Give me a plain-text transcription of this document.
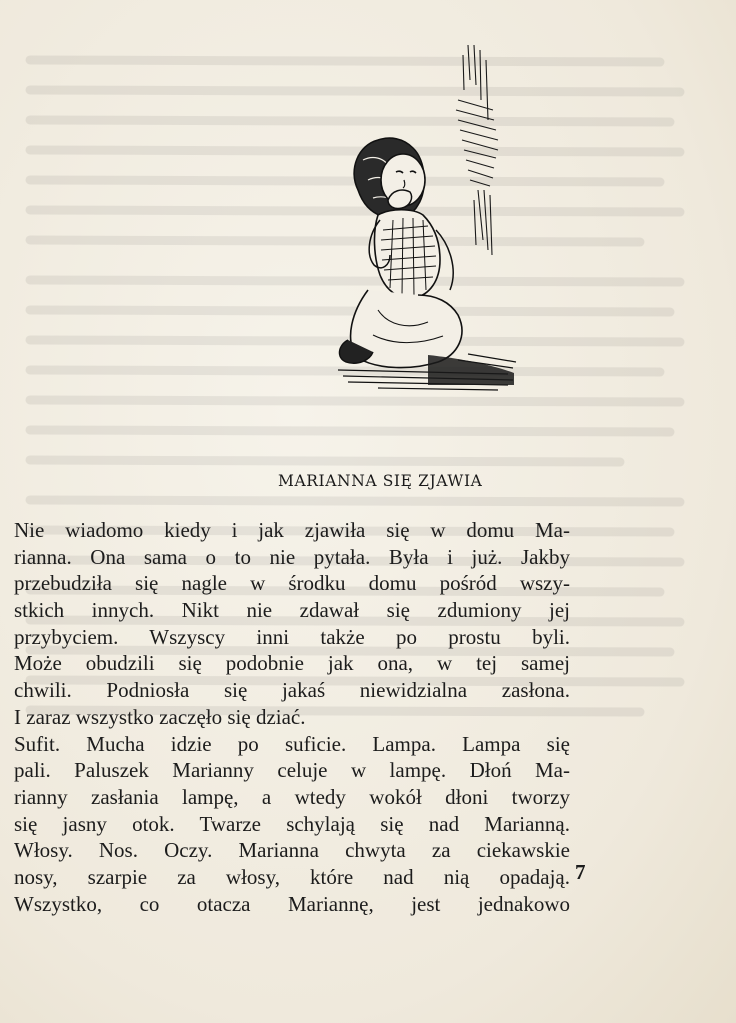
MARIANNA SIĘ ZJAWIA
Nie wiadomo kiedy i jak zjawiła się w domu Ma-
rianna. Ona sama o to nie pytała. Była i już. Jakby
przebudziła się nagle w środku domu pośród wszy-
stkich innych. Nikt nie zdawał się zdumiony jej
przybyciem. Wszyscy inni także po prostu byli.
Może obudzili się podobnie jak ona, w tej samej
chwili. Podniosła się jakaś niewidzialna zasłona.
I zaraz wszystko zaczęło się dziać.
Sufit. Mucha idzie po suficie. Lampa. Lampa się
pali. Paluszek Marianny celuje w lampę. Dłoń Ma-
rianny zasłania lampę, a wtedy wokół dłoni tworzy
się jasny otok. Twarze schylają się nad Marianną.
Włosy. Nos. Oczy. Marianna chwyta za ciekawskie
nosy, szarpie za włosy, które nad nią opadają.
Wszystko, co otacza Mariannę, jest jednakowo
7
